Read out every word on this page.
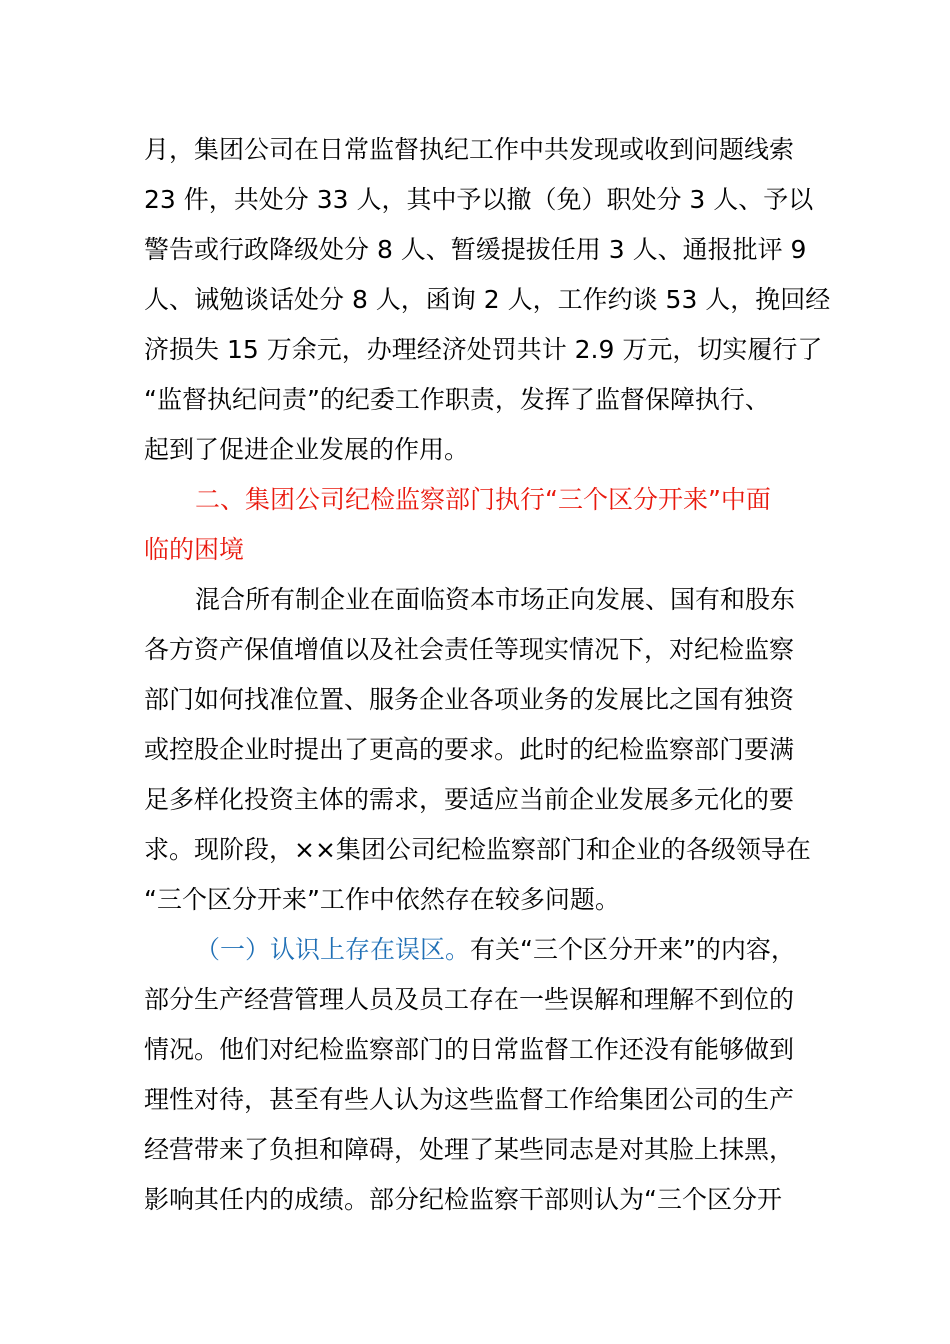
月，集团公司在日常监督执纪工作中共发现或收到问题线索

23 件，共处分 33 人，其中予以撤（免）职处分 3 人、予以

警告或行政降级处分 8 人、暂缓提拔任用 3 人、通报批评 9

人、诫勉谈话处分 8 人，函询 2 人，工作约谈 53 人，挽回经

济损失 15 万余元，办理经济处罚共计 2.9 万元，切实履行了

“监督执纪问责”的纪委工作职责，发挥了监督保障执行、

起到了促进企业发展的作用。

二、集团公司纪检监察部门执行“三个区分开来”中面

临的困境

混合所有制企业在面临资本市场正向发展、国有和股东

各方资产保值增值以及社会责任等现实情况下，对纪检监察

部门如何找准位置、服务企业各项业务的发展比之国有独资

或控股企业时提出了更高的要求。此时的纪检监察部门要满

足多样化投资主体的需求，要适应当前企业发展多元化的要

求。现阶段，××集团公司纪检监察部门和企业的各级领导在

“三个区分开来”工作中依然存在较多问题。

（一）认识上存在误区。有关“三个区分开来”的内容，

部分生产经营管理人员及员工存在一些误解和理解不到位的

情况。他们对纪检监察部门的日常监督工作还没有能够做到

理性对待，甚至有些人认为这些监督工作给集团公司的生产

经营带来了负担和障碍，处理了某些同志是对其脸上抹黑，

影响其任内的成绩。部分纪检监察干部则认为“三个区分开
